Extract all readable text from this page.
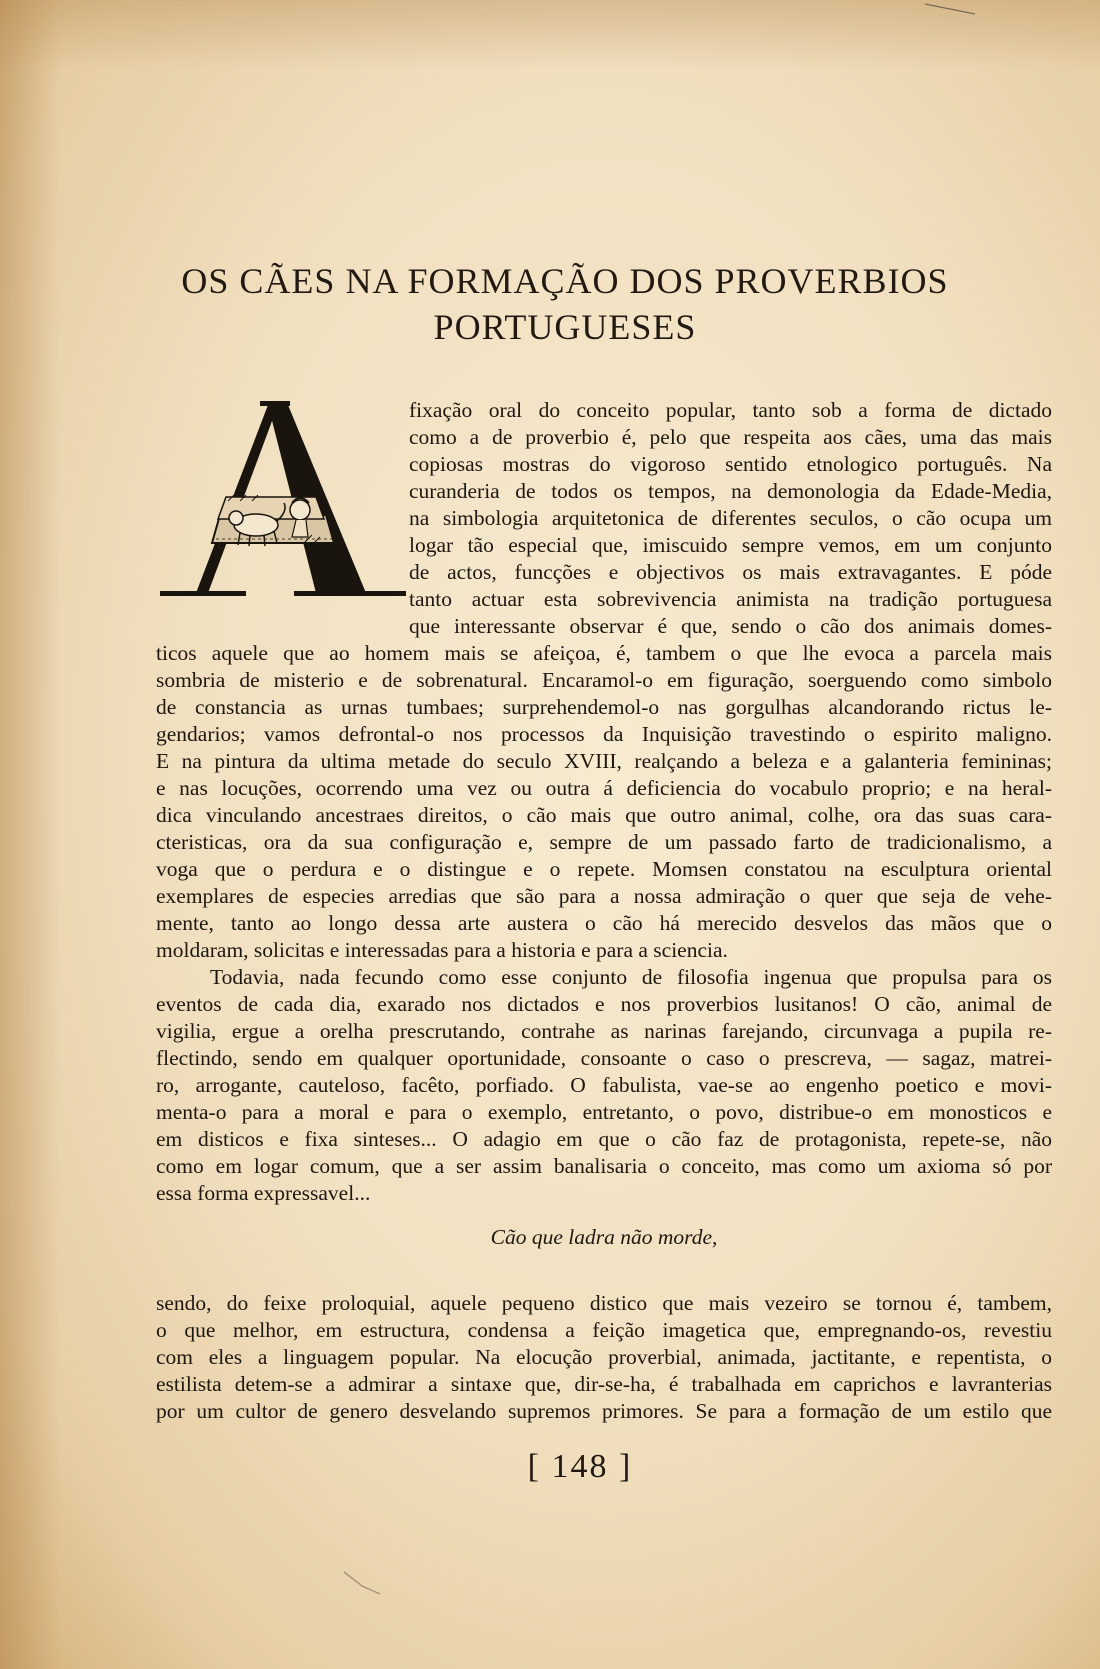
OS CÃES NA FORMAÇÃO DOS PROVERBIOS
PORTUGUESES
fixação oral do conceito popular, tanto sob a forma de dictado
como a de proverbio é, pelo que respeita aos cães, uma das mais
copiosas mostras do vigoroso sentido etnologico português. Na
curanderia de todos os tempos, na demonologia da Edade-Media,
na simbologia arquitetonica de diferentes seculos, o cão ocupa um
logar tão especial que, imiscuido sempre vemos, em um conjunto
de actos, funcções e objectivos os mais extravagantes. E póde
tanto actuar esta sobrevivencia animista na tradição portuguesa
que interessante observar é que, sendo o cão dos animais domes-
ticos aquele que ao homem mais se afeiçoa, é, tambem o que lhe evoca a parcela mais
sombria de misterio e de sobrenatural. Encaramol-o em figuração, soerguendo como simbolo
de constancia as urnas tumbaes; surprehendemol-o nas gorgulhas alcandorando rictus le-
gendarios; vamos defrontal-o nos processos da Inquisição travestindo o espirito maligno.
E na pintura da ultima metade do seculo XVIII, realçando a beleza e a galanteria femininas;
e nas locuções, ocorrendo uma vez ou outra á deficiencia do vocabulo proprio; e na heral-
dica vinculando ancestraes direitos, o cão mais que outro animal, colhe, ora das suas cara-
cteristicas, ora da sua configuração e, sempre de um passado farto de tradicionalismo, a
voga que o perdura e o distingue e o repete. Momsen constatou na esculptura oriental
exemplares de especies arredias que são para a nossa admiração o quer que seja de vehe-
mente, tanto ao longo dessa arte austera o cão há merecido desvelos das mãos que o
moldaram, solicitas e interessadas para a historia e para a sciencia.
Todavia, nada fecundo como esse conjunto de filosofia ingenua que propulsa para os
eventos de cada dia, exarado nos dictados e nos proverbios lusitanos! O cão, animal de
vigilia, ergue a orelha prescrutando, contrahe as narinas farejando, circunvaga a pupila re-
flectindo, sendo em qualquer oportunidade, consoante o caso o prescreva, — sagaz, matrei-
ro, arrogante, cauteloso, facêto, porfiado. O fabulista, vae-se ao engenho poetico e movi-
menta-o para a moral e para o exemplo, entretanto, o povo, distribue-o em monosticos e
em disticos e fixa sinteses... O adagio em que o cão faz de protagonista, repete-se, não
como em logar comum, que a ser assim banalisaria o conceito, mas como um axioma só por
essa forma expressavel...
Cão que ladra não morde,
sendo, do feixe proloquial, aquele pequeno distico que mais vezeiro se tornou é, tambem,
o que melhor, em estructura, condensa a feição imagetica que, empregnando-os, revestiu
com eles a linguagem popular. Na elocução proverbial, animada, jactitante, e repentista, o
estilista detem-se a admirar a sintaxe que, dir-se-ha, é trabalhada em caprichos e lavranterias
por um cultor de genero desvelando supremos primores. Se para a formação de um estilo que
[ 148 ]
